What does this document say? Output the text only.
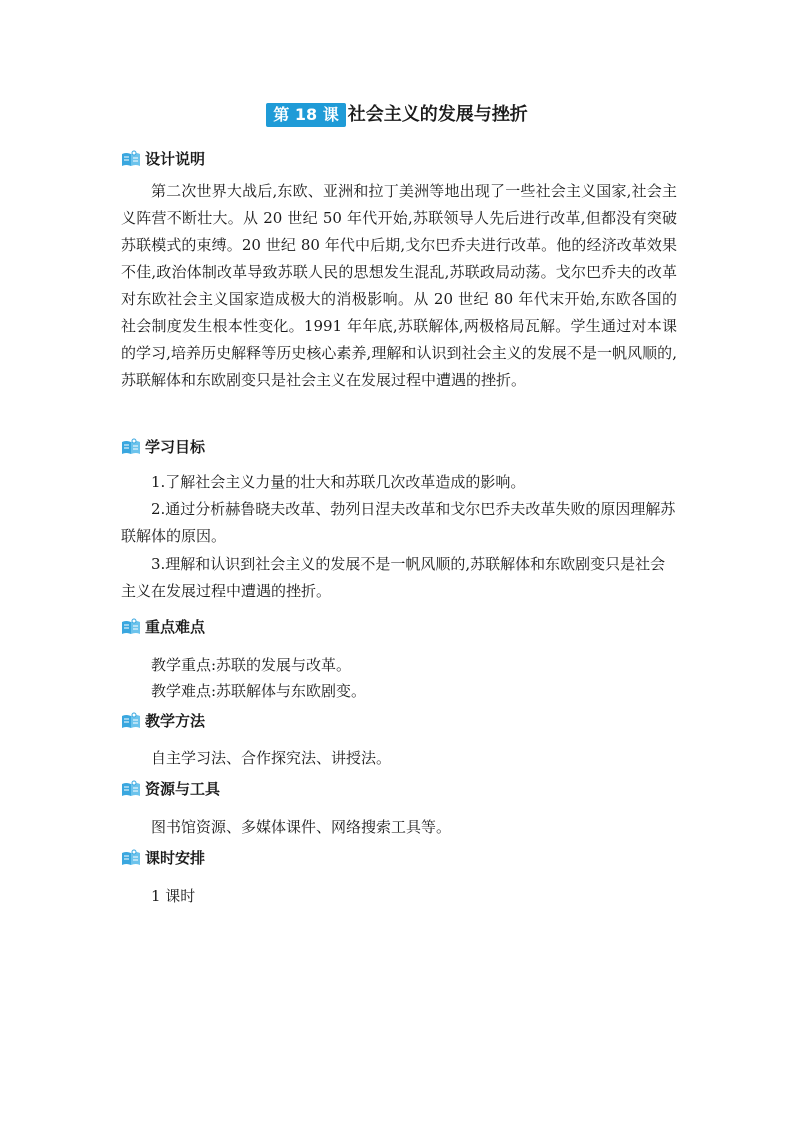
第 18 课 社会主义的发展与挫折
设计说明

第二次世界大战后,东欧、亚洲和拉丁美洲等地出现了一些社会主义国家,社会主义阵营不断壮大。从 20 世纪 50 年代开始,苏联领导人先后进行改革,但都没有突破苏联模式的束缚。20 世纪 80 年代中后期,戈尔巴乔夫进行改革。他的经济改革效果不佳,政治体制改革导致苏联人民的思想发生混乱,苏联政局动荡。戈尔巴乔夫的改革对东欧社会主义国家造成极大的消极影响。从 20 世纪 80 年代末开始,东欧各国的社会制度发生根本性变化。1991 年年底,苏联解体,两极格局瓦解。学生通过对本课的学习,培养历史解释等历史核心素养,理解和认识到社会主义的发展不是一帆风顺的,苏联解体和东欧剧变只是社会主义在发展过程中遭遇的挫折。

学习目标

1.了解社会主义力量的壮大和苏联几次改革造成的影响。

2.通过分析赫鲁晓夫改革、勃列日涅夫改革和戈尔巴乔夫改革失败的原因理解苏联解体的原因。

3.理解和认识到社会主义的发展不是一帆风顺的,苏联解体和东欧剧变只是社会主义在发展过程中遭遇的挫折。

重点难点
教学重点:苏联的发展与改革。
教学难点:苏联解体与东欧剧变。
教学方法
自主学习法、合作探究法、讲授法。
资源与工具
图书馆资源、多媒体课件、网络搜索工具等。
课时安排
1 课时
